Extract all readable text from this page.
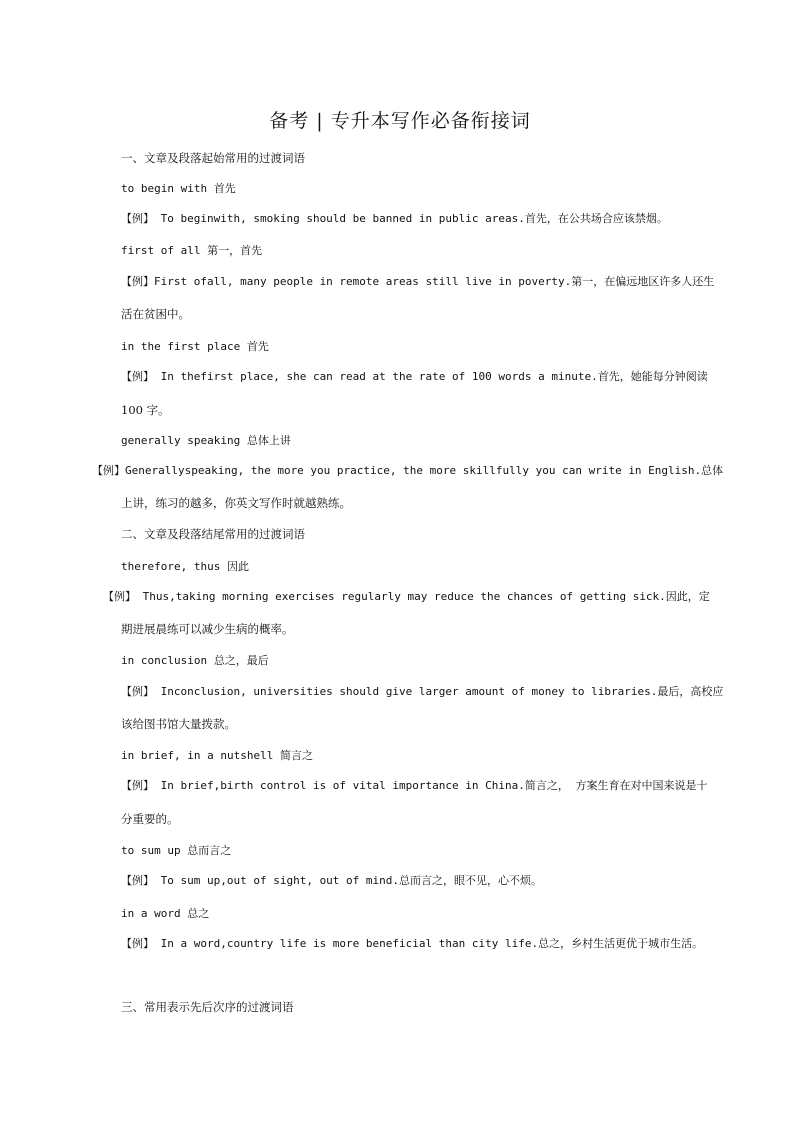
备考 | 专升本写作必备衔接词
一、文章及段落起始常用的过渡词语
to begin with 首先
【例】 To beginwith, smoking should be banned in public areas.首先，在公共场合应该禁烟。
first of all 第一，首先
【例】First ofall, many people in remote areas still live in poverty.第一，在偏远地区许多人还生
活在贫困中。
in the first place 首先
【例】 In thefirst place, she can read at the rate of 100 words a minute.首先，她能每分钟阅读
100 字。
generally speaking 总体上讲
【例】Generallyspeaking, the more you practice, the more skillfully you can write in English.总体
上讲，练习的越多，你英文写作时就越熟练。
二、文章及段落结尾常用的过渡词语
therefore, thus 因此
【例】 Thus,taking morning exercises regularly may reduce the chances of getting sick.因此，定
期进展晨练可以减少生病的概率。
in conclusion 总之，最后
【例】 Inconclusion, universities should give larger amount of money to libraries.最后，高校应
该给图书馆大量拨款。
in brief, in a nutshell 简言之
【例】 In brief,birth control is of vital importance in China.简言之， 方案生育在对中国来说是十
分重要的。
to sum up 总而言之
【例】 To sum up,out of sight, out of mind.总而言之，眼不见，心不烦。
in a word 总之
【例】 In a word,country life is more beneficial than city life.总之，乡村生活更优于城市生活。
三、常用表示先后次序的过渡词语
